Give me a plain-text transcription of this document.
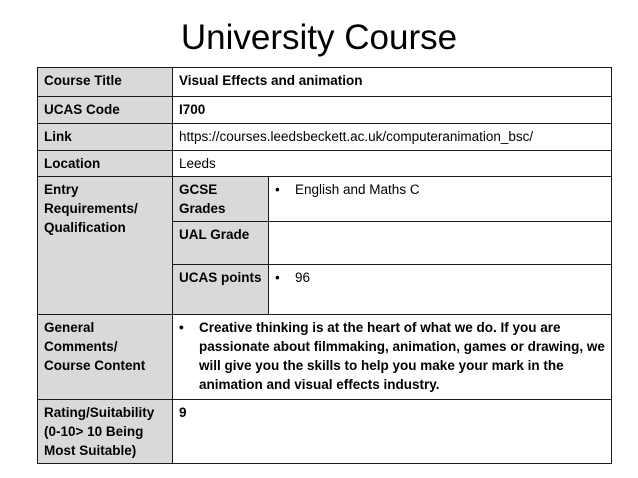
University Course
Course Title	Visual Effects and animation	
UCAS Code	I700	
Link	https://courses.leedsbeckett.ac.uk/computeranimation_bsc/	
Location	Leeds	
Entry Requirements/ Qualification	GCSE Grades	• English and Maths C

	UAL Grade	
	UCAS points	• 96

General Comments/ Course Content	• Creative thinking is at the heart of what we do. If you are passionate about filmmaking, animation, games or drawing, we will give you the skills to help you make your mark in the animation and visual effects industry.	

Rating/Suitability (0-10> 10 Being Most Suitable)	9	
